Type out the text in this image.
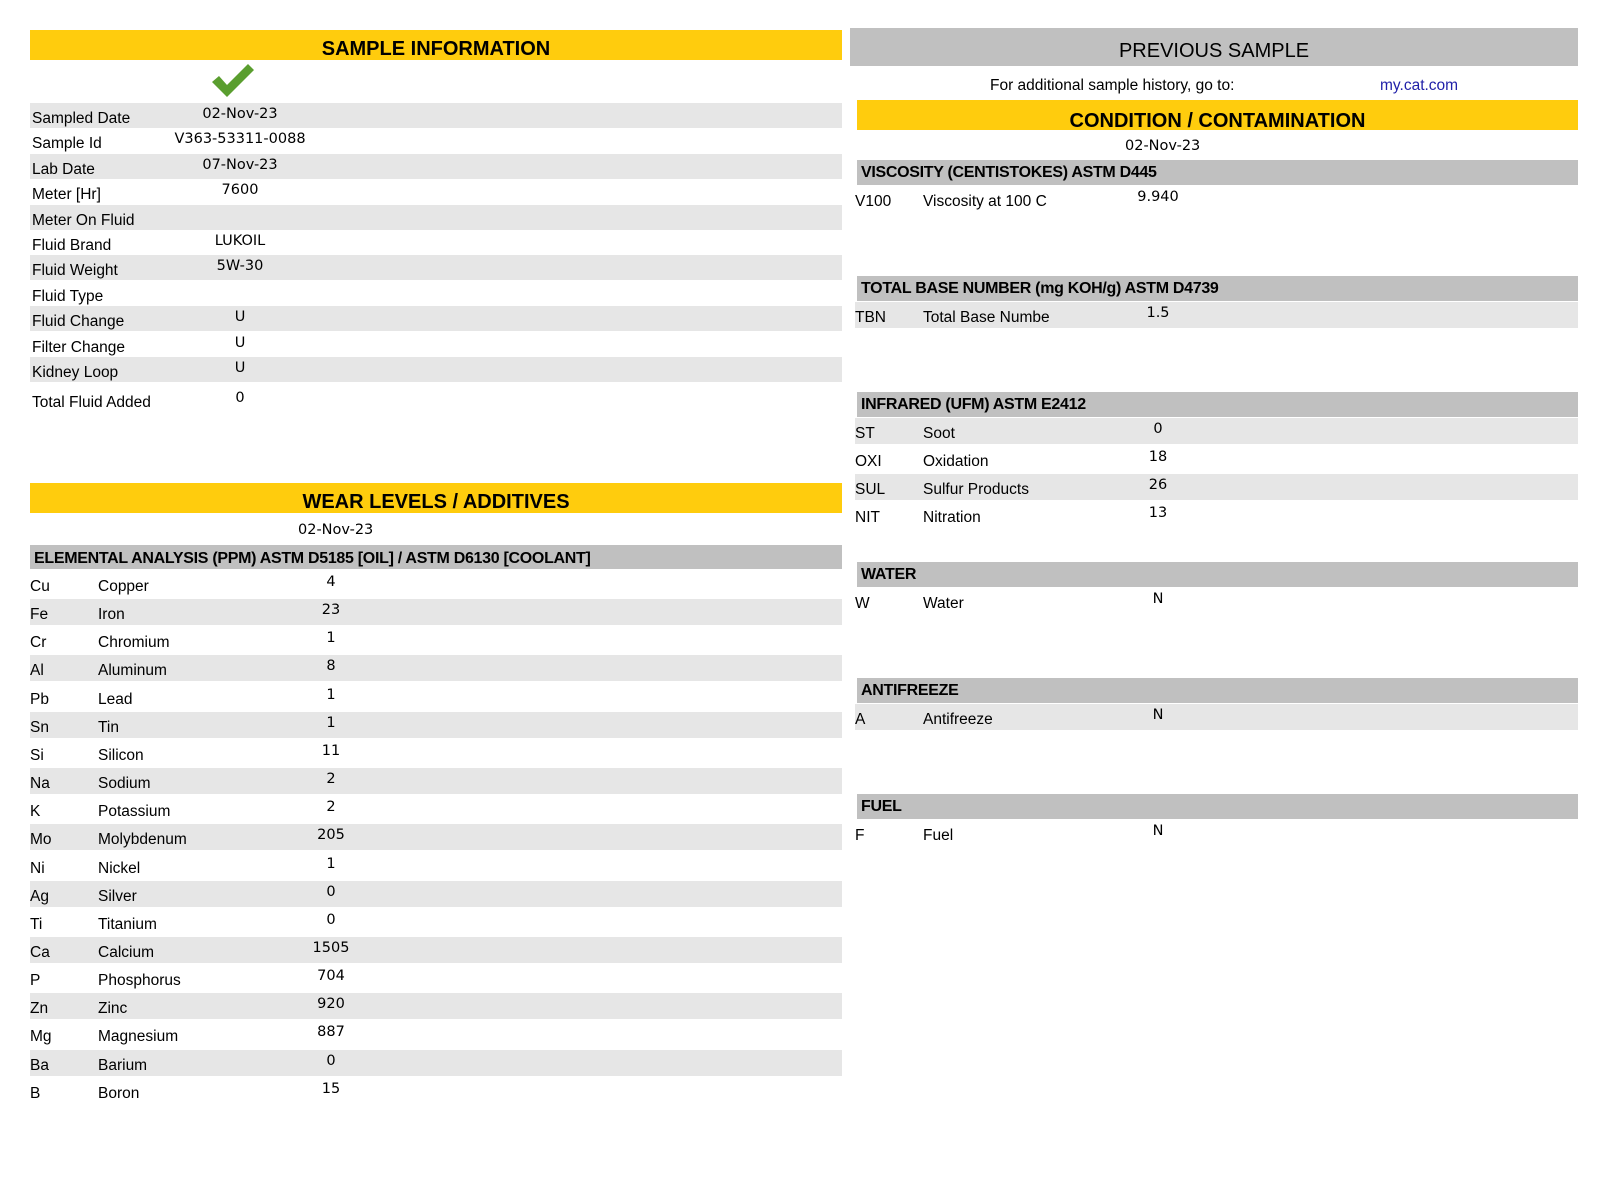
SAMPLE INFORMATION
Sampled Date	02-Nov-23
Sample Id	V363-53311-0088
Lab Date	07-Nov-23
Meter [Hr]	7600
Meter On Fluid
Fluid Brand	LUKOIL
Fluid Weight	5W-30
Fluid Type
Fluid Change	U
Filter Change	U
Kidney Loop	U
Total Fluid Added	0
WEAR LEVELS / ADDITIVES
02-Nov-23
ELEMENTAL ANALYSIS (PPM) ASTM D5185 [OIL] / ASTM D6130 [COOLANT]
Cu	Copper	4
Fe	Iron	23
Cr	Chromium	1
Al	Aluminum	8
Pb	Lead	1
Sn	Tin	1
Si	Silicon	11
Na	Sodium	2
K	Potassium	2
Mo	Molybdenum	205
Ni	Nickel	1
Ag	Silver	0
Ti	Titanium	0
Ca	Calcium	1505
P	Phosphorus	704
Zn	Zinc	920
Mg	Magnesium	887
Ba	Barium	0
B	Boron	15
PREVIOUS SAMPLE
For additional sample history, go to:	my.cat.com
CONDITION / CONTAMINATION
02-Nov-23
VISCOSITY (CENTISTOKES) ASTM D445
V100 Viscosity at 100 C	9.940
TOTAL BASE NUMBER (mg KOH/g) ASTM D4739
TBN Total Base Numbe	1.5
INFRARED (UFM) ASTM E2412
ST	Soot	0
OXI	Oxidation	18
SUL Sulfur Products	26
NIT	Nitration	13
WATER
W	Water	N
ANTIFREEZE
A	Antifreeze	N
FUEL
F	Fuel	N
